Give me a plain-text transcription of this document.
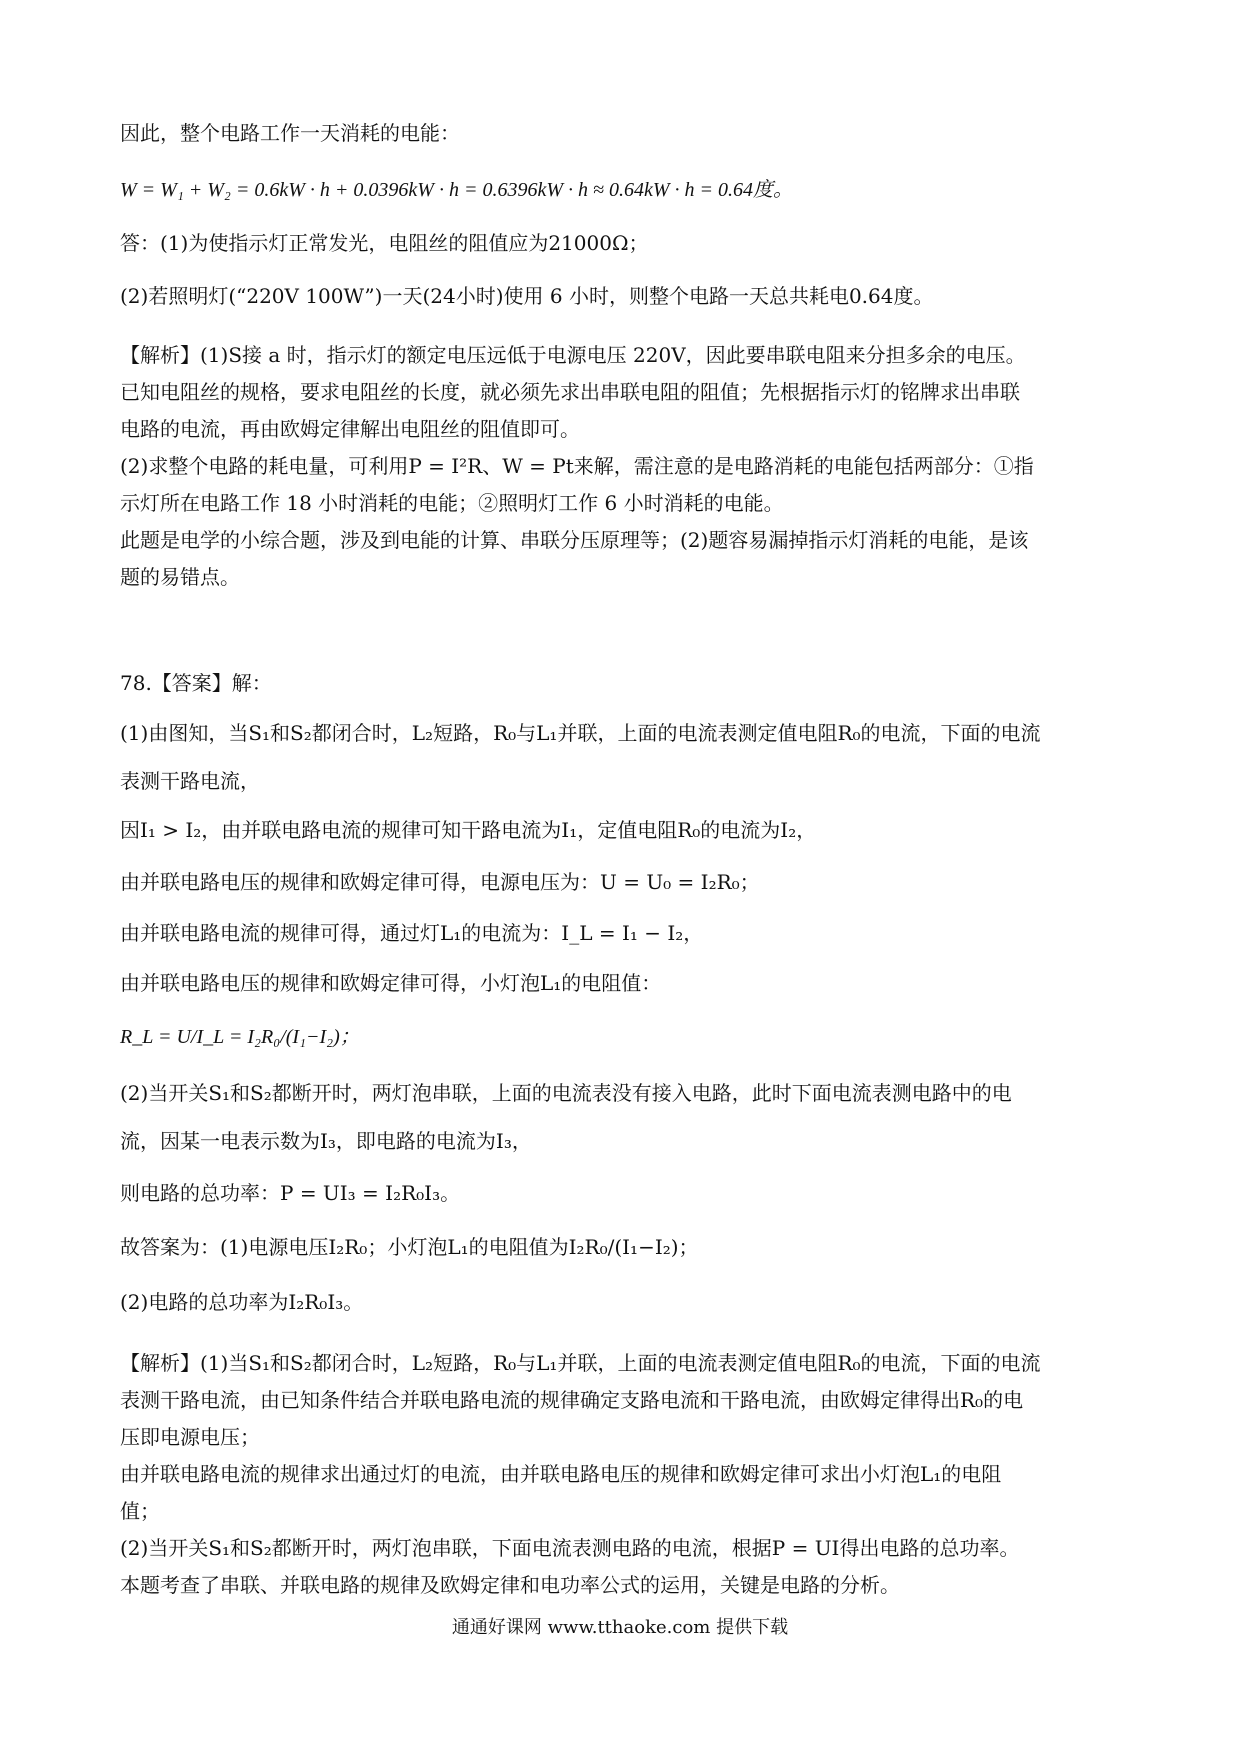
因此，整个电路工作一天消耗的电能：
W = W₁ + W₂ = 0.6kW · h + 0.0396kW · h = 0.6396kW · h ≈ 0.64kW · h = 0.64度。
答：(1)为使指示灯正常发光，电阻丝的阻值应为21000Ω；
(2)若照明灯(“220V 100W”)一天(24小时)使用 6 小时，则整个电路一天总共耗电0.64度。
【解析】(1)S接 a 时，指示灯的额定电压远低于电源电压 220V，因此要串联电阻来分担多余的电压。
已知电阻丝的规格，要求电阻丝的长度，就必须先求出串联电阻的阻值；先根据指示灯的铭牌求出串联
电路的电流，再由欧姆定律解出电阻丝的阻值即可。
(2)求整个电路的耗电量，可利用P = I²R、W = Pt来解，需注意的是电路消耗的电能包括两部分：①指
示灯所在电路工作 18 小时消耗的电能；②照明灯工作 6 小时消耗的电能。
此题是电学的小综合题，涉及到电能的计算、串联分压原理等；(2)题容易漏掉指示灯消耗的电能，是该
题的易错点。
78.【答案】解：
(1)由图知，当S₁和S₂都闭合时，L₂短路，R₀与L₁并联，上面的电流表测定值电阻R₀的电流，下面的电流
表测干路电流，
因I₁ > I₂，由并联电路电流的规律可知干路电流为I₁，定值电阻R₀的电流为I₂，
由并联电路电压的规律和欧姆定律可得，电源电压为：U = U₀ = I₂R₀；
由并联电路电流的规律可得，通过灯L₁的电流为：I_L = I₁ − I₂，
由并联电路电压的规律和欧姆定律可得，小灯泡L₁的电阻值：
R_L = U/I_L = I₂R₀/(I₁−I₂)；
(2)当开关S₁和S₂都断开时，两灯泡串联，上面的电流表没有接入电路，此时下面电流表测电路中的电
流，因某一电表示数为I₃，即电路的电流为I₃，
则电路的总功率：P = UI₃ = I₂R₀I₃。
故答案为：(1)电源电压I₂R₀；小灯泡L₁的电阻值为I₂R₀/(I₁−I₂)；
(2)电路的总功率为I₂R₀I₃。
【解析】(1)当S₁和S₂都闭合时，L₂短路，R₀与L₁并联，上面的电流表测定值电阻R₀的电流，下面的电流
表测干路电流，由已知条件结合并联电路电流的规律确定支路电流和干路电流，由欧姆定律得出R₀的电
压即电源电压；
由并联电路电流的规律求出通过灯的电流，由并联电路电压的规律和欧姆定律可求出小灯泡L₁的电阻
值；
(2)当开关S₁和S₂都断开时，两灯泡串联，下面电流表测电路的电流，根据P = UI得出电路的总功率。
本题考查了串联、并联电路的规律及欧姆定律和电功率公式的运用，关键是电路的分析。
通通好课网 www.tthaoke.com 提供下载
